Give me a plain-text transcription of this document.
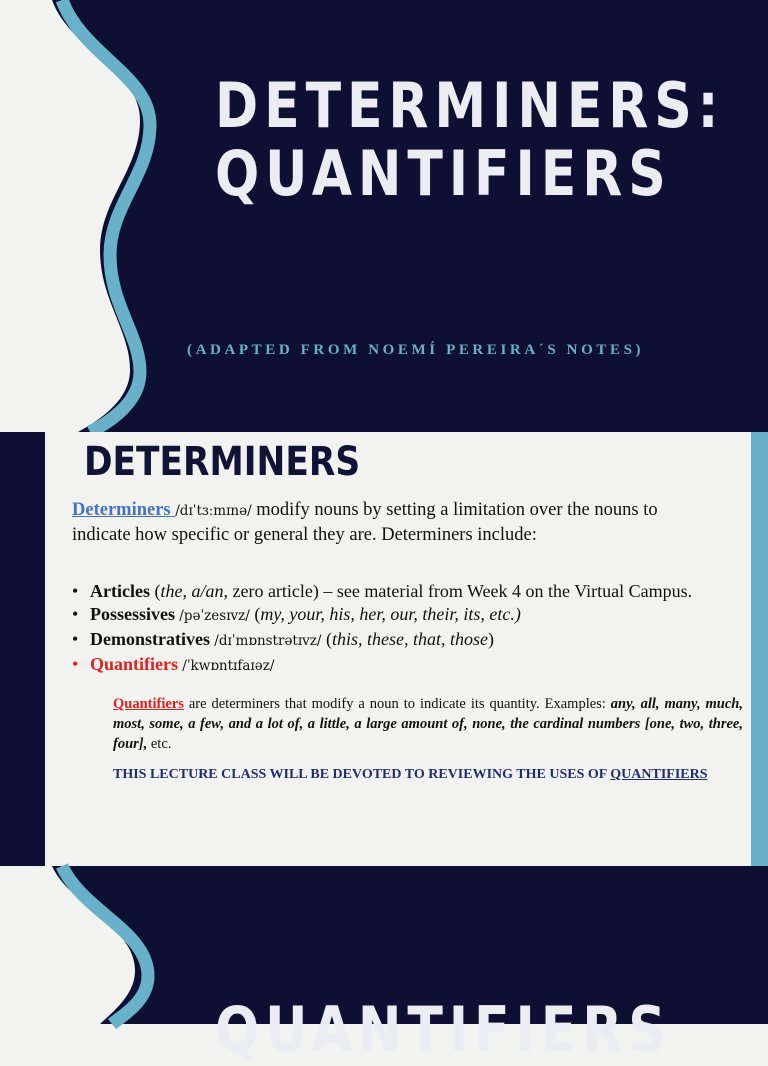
DETERMINERS:
QUANTIFIERS

(ADAPTED FROM NOEMÍ PEREIRA´S NOTES)

DETERMINERS

Determiners /dɪˈtɜːmɪnə/ modify nouns by setting a limitation over the nouns to indicate how specific or general they are. Determiners include:

• Articles (the, a/an, zero article) – see material from Week 4 on the Virtual Campus.
• Possessives /pəˈzesɪvz/ (my, your, his, her, our, their, its, etc.)
• Demonstratives /dɪˈmɒnstrətɪvz/ (this, these, that, those)
• Quantifiers /ˈkwɒntɪfaɪəz/

Quantifiers are determiners that modify a noun to indicate its quantity. Examples: any, all, many, much, most, some, a few, and a lot of, a little, a large amount of, none, the cardinal numbers [one, two, three, four], etc.

THIS LECTURE CLASS WILL BE DEVOTED TO REVIEWING THE USES OF QUANTIFIERS

QUANTIFIERS
